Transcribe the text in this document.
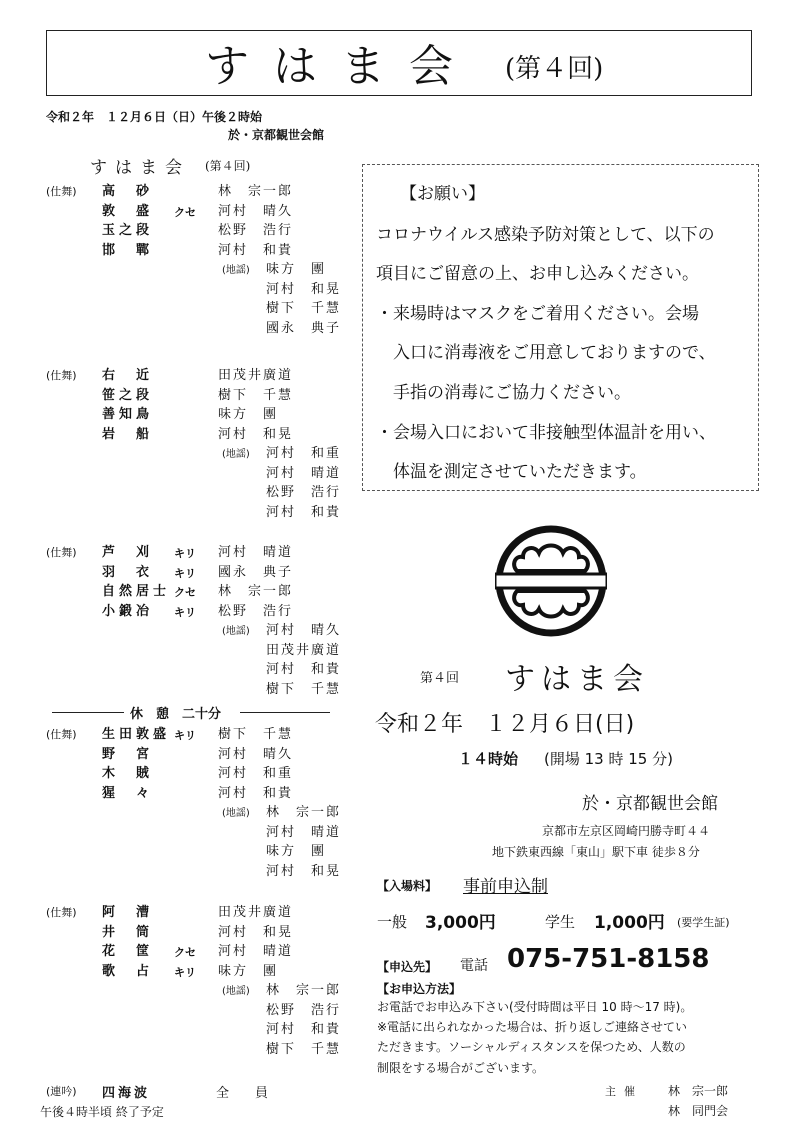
すはま会 (第４回)
令和２年　１２月６日（日）午後２時始
於・京都観世会館
すはま会 (第４回)
(仕舞)	高　砂	林　宗一郎
敦　盛	クセ 河村　晴久
玉之段	松野　浩行
邯　鄲	河村　和貴
(地謡) 味方　團
河村　和晃
樹下　千慧
國永　典子
(仕舞)	右　近	田茂井廣道
笹之段	樹下　千慧
善知鳥	味方　團
岩　船	河村　和晃
(地謡) 河村　和重
河村　晴道
松野　浩行
河村　和貴
(仕舞)	芦　刈	キリ 河村　晴道
羽　衣	キリ 國永　典子
自然居士 クセ 林　宗一郎
小鍛冶	キリ 松野　浩行
(地謡) 河村　晴久
田茂井廣道
河村　和貴
樹下　千慧
(仕舞)	生田敦盛 キリ 樹下　千慧
野　宮	河村　晴久
木　賊	河村　和重
猩　々	河村　和貴
(地謡) 林　宗一郎
河村　晴道
味方　團
河村　和晃
(仕舞)	阿　漕	田茂井廣道
井　筒	河村　和晃
花　筐	クセ 河村　晴道
歌　占	キリ 味方　團
(地謡) 林　宗一郎
松野　浩行
河村　和貴
樹下　千慧
休　憩　二十分
(連吟) 四海波	全　　員
午後４時半頃 終了予定
【お願い】
コロナウイルス感染予防対策として、以下の
項目にご留意の上、お申し込みください。
・来場時はマスクをご着用ください。会場
　入口に消毒液をご用意しておりますので、
　手指の消毒にご協力ください。
・会場入口において非接触型体温計を用い、
　体温を測定させていただきます。
第４回 すはま会
令和２年　１２月６日(日)
１４時始 (開場 13 時 15 分)
於・京都観世会館
京都市左京区岡崎円勝寺町４４
地下鉄東西線「東山」駅下車 徒歩８分
【入場料】 事前申込制
一般 3,000円	学生 1,000円 (要学生証)
【申込先】 電話 075-751-8158
【お申込方法】
お電話でお申込み下さい(受付時間は平日 10 時～17 時)。
※電話に出られなかった場合は、折り返しご連絡させてい
ただきます。ソーシャルディスタンスを保つため、人数の
制限をする場合がございます。
主催 林　宗一郎
林　同門会
